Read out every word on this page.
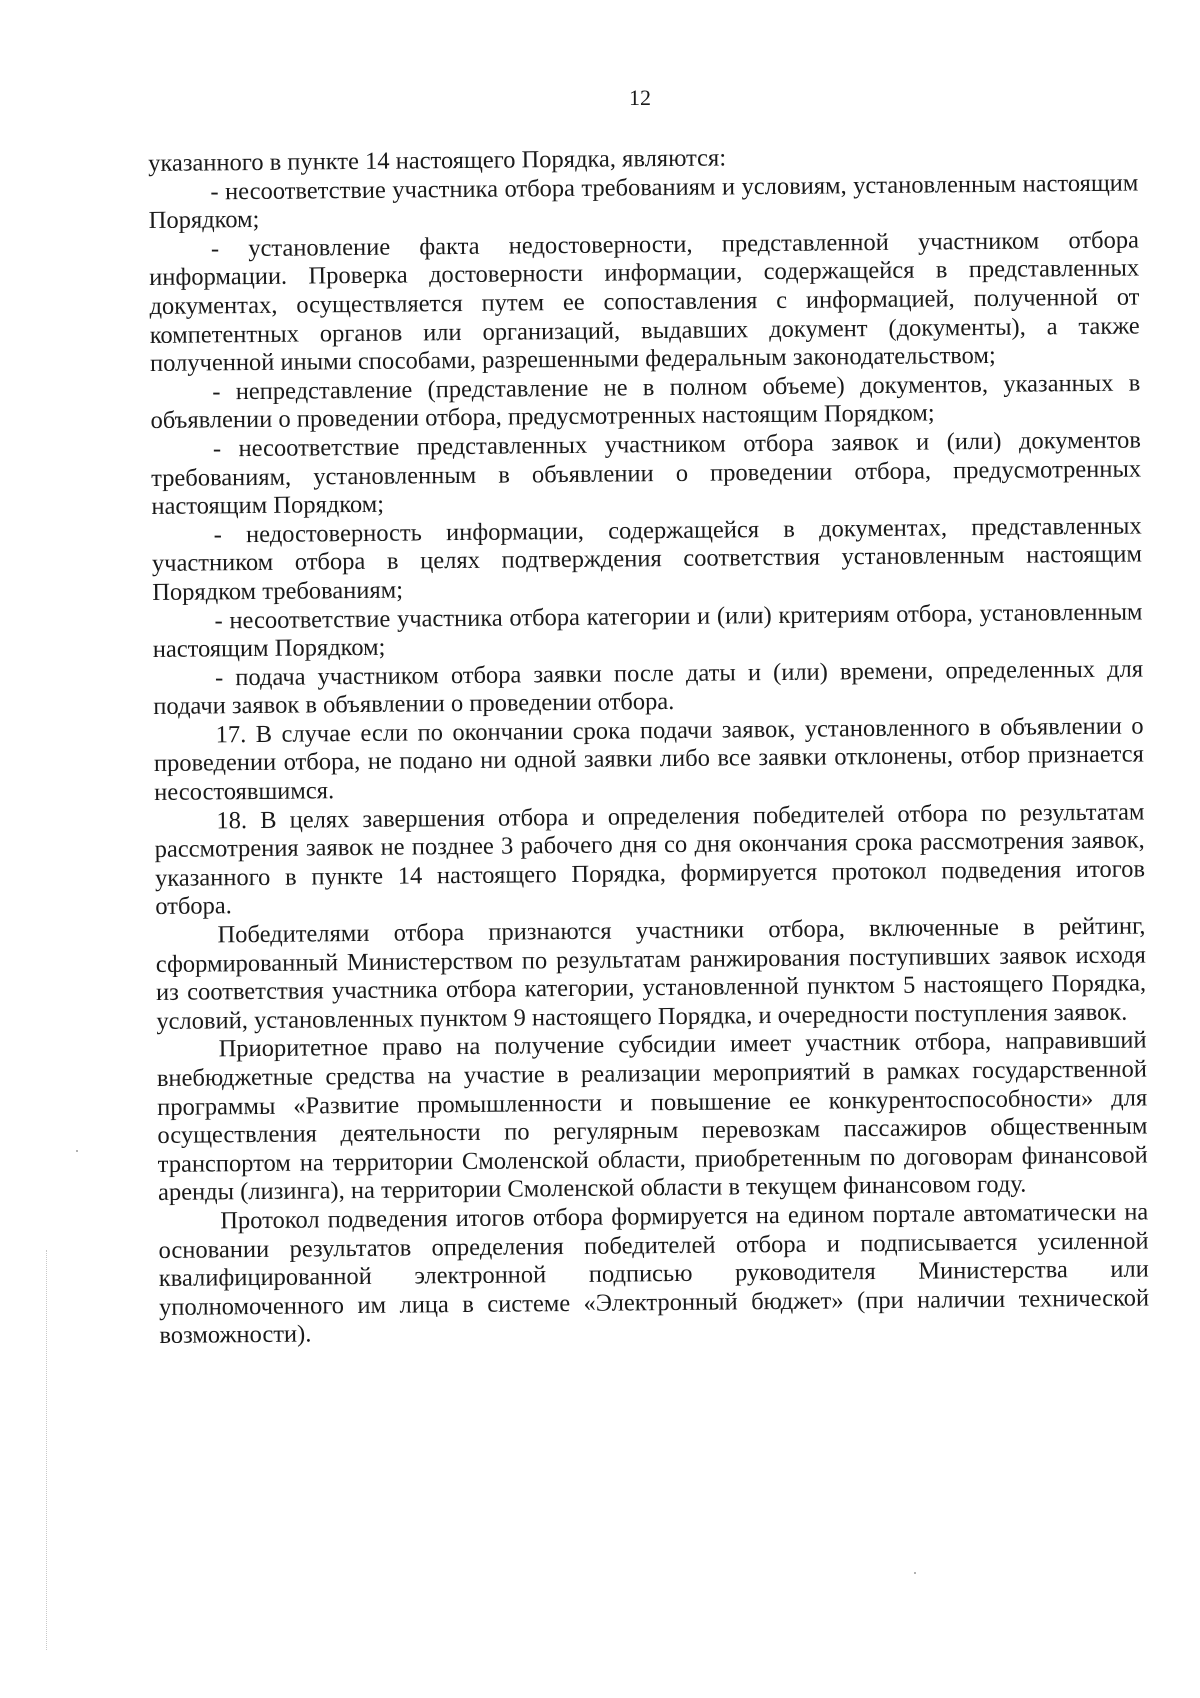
12

указанного в пункте 14 настоящего Порядка, являются:

- несоответствие участника отбора требованиям и условиям, установленным настоящим Порядком;

- установление факта недостоверности, представленной участником отбора информации. Проверка достоверности информации, содержащейся в представленных документах, осуществляется путем ее сопоставления с информацией, полученной от компетентных органов или организаций, выдавших документ (документы), а также полученной иными способами, разрешенными федеральным законодательством;

- непредставление (представление не в полном объеме) документов, указанных в объявлении о проведении отбора, предусмотренных настоящим Порядком;

- несоответствие представленных участником отбора заявок и (или) документов требованиям, установленным в объявлении о проведении отбора, предусмотренных настоящим Порядком;

- недостоверность информации, содержащейся в документах, представленных участником отбора в целях подтверждения соответствия установленным настоящим Порядком требованиям;

- несоответствие участника отбора категории и (или) критериям отбора, установленным настоящим Порядком;

- подача участником отбора заявки после даты и (или) времени, определенных для подачи заявок в объявлении о проведении отбора.

17. В случае если по окончании срока подачи заявок, установленного в объявлении о проведении отбора, не подано ни одной заявки либо все заявки отклонены, отбор признается несостоявшимся.

18. В целях завершения отбора и определения победителей отбора по результатам рассмотрения заявок не позднее 3 рабочего дня со дня окончания срока рассмотрения заявок, указанного в пункте 14 настоящего Порядка, формируется протокол подведения итогов отбора.

Победителями отбора признаются участники отбора, включенные в рейтинг, сформированный Министерством по результатам ранжирования поступивших заявок исходя из соответствия участника отбора категории, установленной пунктом 5 настоящего Порядка, условий, установленных пунктом 9 настоящего Порядка, и очередности поступления заявок.

Приоритетное право на получение субсидии имеет участник отбора, направивший внебюджетные средства на участие в реализации мероприятий в рамках государственной программы «Развитие промышленности и повышение ее конкурентоспособности» для осуществления деятельности по регулярным перевозкам пассажиров общественным транспортом на территории Смоленской области, приобретенным по договорам финансовой аренды (лизинга), на территории Смоленской области в текущем финансовом году.

Протокол подведения итогов отбора формируется на едином портале автоматически на основании результатов определения победителей отбора и подписывается усиленной квалифицированной электронной подписью руководителя Министерства или уполномоченного им лица в системе «Электронный бюджет» (при наличии технической возможности).
